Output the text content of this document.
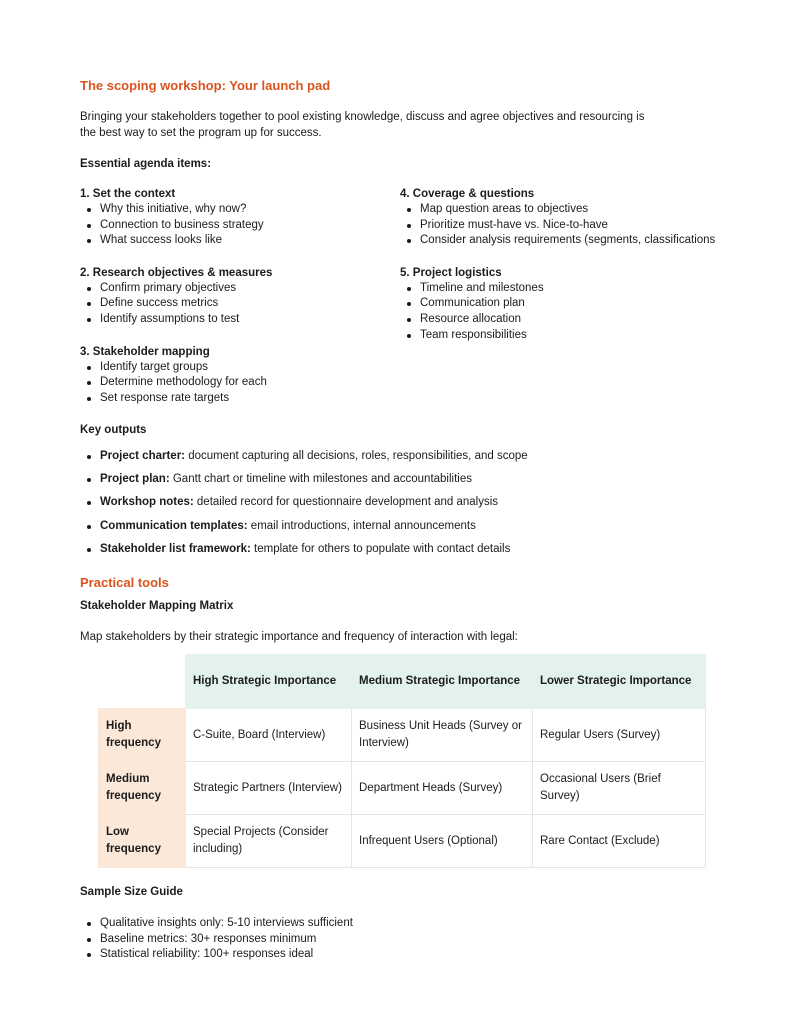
The scoping workshop: Your launch pad
Bringing your stakeholders together to pool existing knowledge, discuss and agree objectives and resourcing is
the best way to set the program up for success.
Essential agenda items:
1. Set the context
Why this initiative, why now?
Connection to business strategy
What success looks like
2. Research objectives & measures
Confirm primary objectives
Define success metrics
Identify assumptions to test
3. Stakeholder mapping
Identify target groups
Determine methodology for each
Set response rate targets
4. Coverage & questions
Map question areas to objectives
Prioritize must-have vs. Nice-to-have
Consider analysis requirements (segments, classifications
5. Project logistics
Timeline and milestones
Communication plan
Resource allocation
Team responsibilities
Key outputs
Project charter: document capturing all decisions, roles, responsibilities, and scope
Project plan: Gantt chart or timeline with milestones and accountabilities
Workshop notes: detailed record for questionnaire development and analysis
Communication templates: email introductions, internal announcements
Stakeholder list framework: template for others to populate with contact details
Practical tools
Stakeholder Mapping Matrix
Map stakeholders by their strategic importance and frequency of interaction with legal:
	High Strategic Importance	Medium Strategic Importance	Lower Strategic Importance
High frequency	C-Suite, Board (Interview)	Business Unit Heads (Survey or Interview)	Regular Users (Survey)
Medium frequency	Strategic Partners (Interview)	Department Heads (Survey)	Occasional Users (Brief Survey)
Low frequency	Special Projects (Consider including)	Infrequent Users (Optional)	Rare Contact (Exclude)
Sample Size Guide
Qualitative insights only: 5-10 interviews sufficient
Baseline metrics: 30+ responses minimum
Statistical reliability: 100+ responses ideal
